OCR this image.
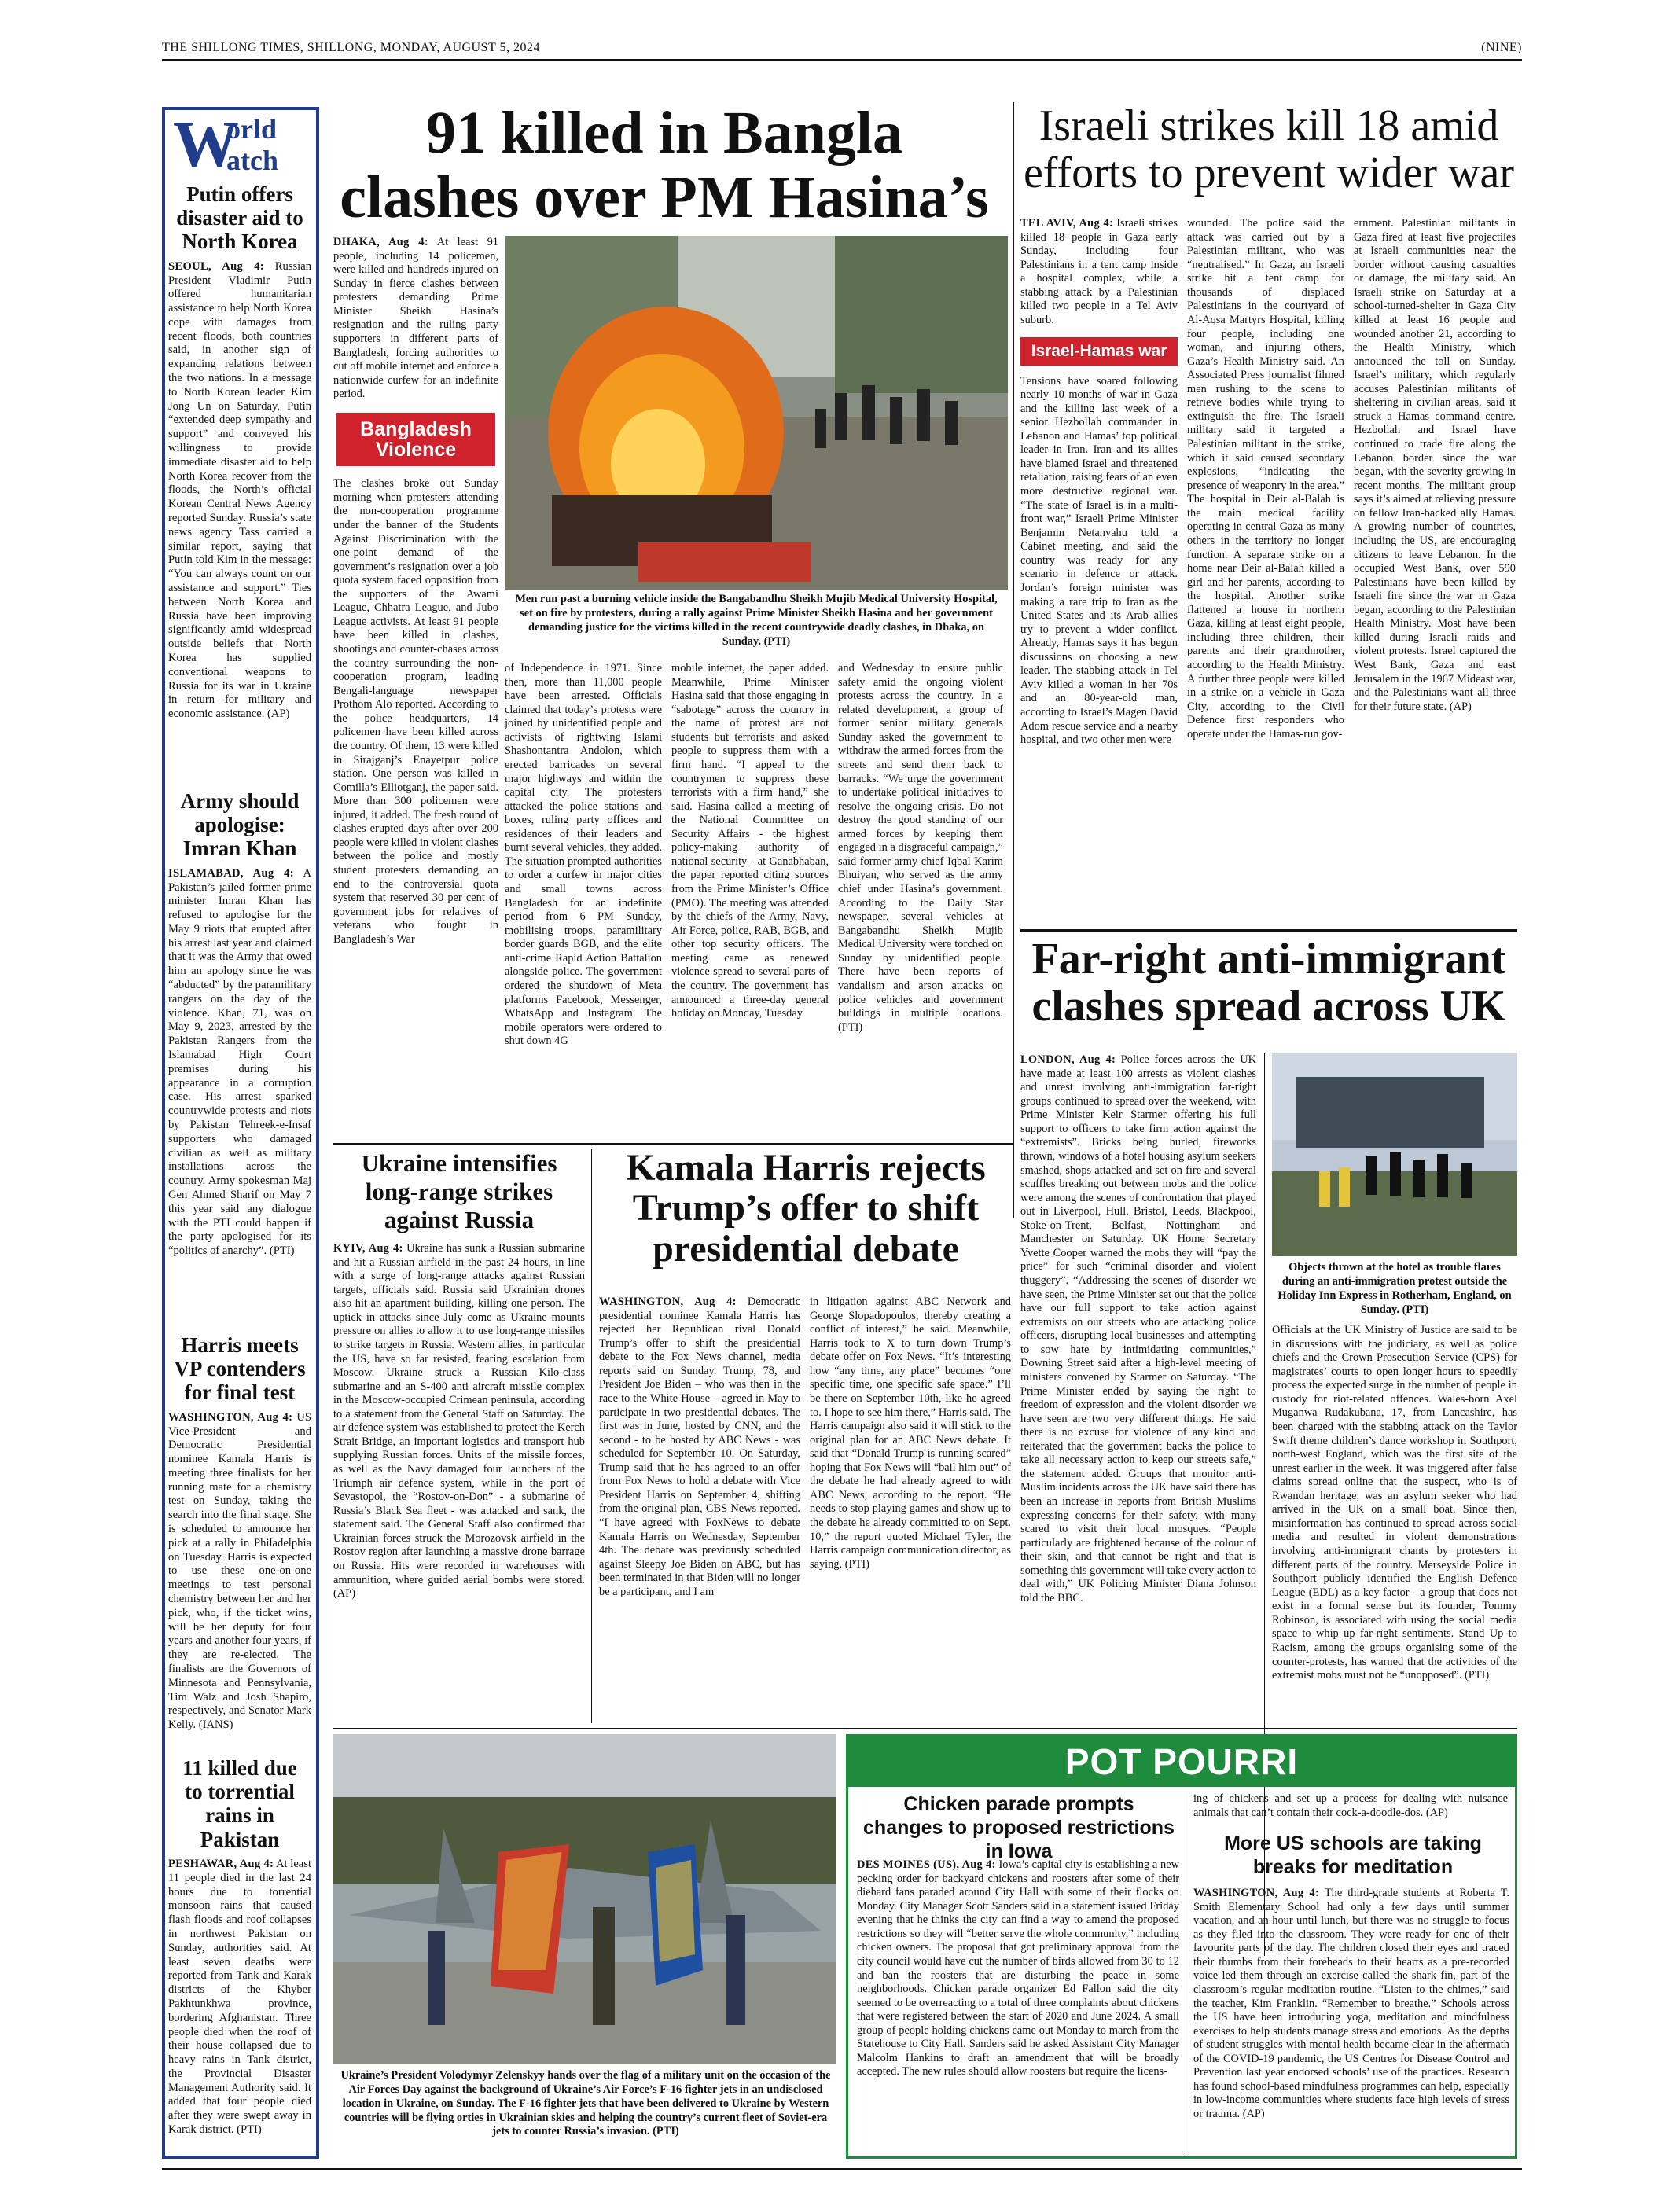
THE SHILLONG TIMES, SHILLONG, MONDAY, AUGUST 5, 2024	(NINE)
W
orld
atch
Putin offers disaster aid to North Korea
SEOUL, Aug 4: Russian President Vladimir Putin offered humanitarian assistance to help North Korea cope with damages from recent floods, both countries said, in another sign of expanding relations between the two nations. In a message to North Korean leader Kim Jong Un on Saturday, Putin “extended deep sympathy and support” and conveyed his willingness to provide immediate disaster aid to help North Korea recover from the floods, the North’s official Korean Central News Agency reported Sunday. Russia’s state news agency Tass carried a similar report, saying that Putin told Kim in the message: “You can always count on our assistance and support.” Ties between North Korea and Russia have been improving significantly amid widespread outside beliefs that North Korea has supplied conventional weapons to Russia for its war in Ukraine in return for military and economic assistance. (AP)
Army should apologise: Imran Khan
ISLAMABAD, Aug 4: A Pakistan’s jailed former prime minister Imran Khan has refused to apologise for the May 9 riots that erupted after his arrest last year and claimed that it was the Army that owed him an apology since he was “abducted” by the paramilitary rangers on the day of the violence. Khan, 71, was on May 9, 2023, arrested by the Pakistan Rangers from the Islamabad High Court premises during his appearance in a corruption case. His arrest sparked countrywide protests and riots by Pakistan Tehreek-e-Insaf supporters who damaged civilian as well as military installations across the country. Army spokesman Maj Gen Ahmed Sharif on May 7 this year said any dialogue with the PTI could happen if the party apologised for its “politics of anarchy”. (PTI)
Harris meets VP contenders for final test
WASHINGTON, Aug 4: US Vice-President and Democratic Presidential nominee Kamala Harris is meeting three finalists for her running mate for a chemistry test on Sunday, taking the search into the final stage. She is scheduled to announce her pick at a rally in Philadelphia on Tuesday. Harris is expected to use these one-on-one meetings to test personal chemistry between her and her pick, who, if the ticket wins, will be her deputy for four years and another four years, if they are re-elected. The finalists are the Governors of Minnesota and Pennsylvania, Tim Walz and Josh Shapiro, respectively, and Senator Mark Kelly. (IANS)
11 killed due to torrential rains in Pakistan
PESHAWAR, Aug 4: At least 11 people died in the last 24 hours due to torrential monsoon rains that caused flash floods and roof collapses in northwest Pakistan on Sunday, authorities said. At least seven deaths were reported from Tank and Karak districts of the Khyber Pakhtunkhwa province, bordering Afghanistan. Three people died when the roof of their house collapsed due to heavy rains in Tank district, the Provincial Disaster Management Authority said. It added that four people died after they were swept away in Karak district. (PTI)
91 killed in Bangla clashes over PM Hasina’s
DHAKA, Aug 4: At least 91 people, including 14 policemen, were killed and hundreds injured on Sunday in fierce clashes between protesters demanding Prime Minister Sheikh Hasina’s resignation and the ruling party supporters in different parts of Bangladesh, forcing authorities to cut off mobile internet and enforce a nationwide curfew for an indefinite period.
Bangladesh Violence
The clashes broke out Sunday morning when protesters attending the non-cooperation programme under the banner of the Students Against Discrimination with the one-point demand of the government’s resignation over a job quota system faced opposition from the supporters of the Awami League, Chhatra League, and Jubo League activists. At least 91 people have been killed in clashes, shootings and counter-chases across the country surrounding the non-cooperation program, leading Bengali-language newspaper Prothom Alo reported. According to the police headquarters, 14 policemen have been killed across the country. Of them, 13 were killed in Sirajganj’s Enayetpur police station. One person was killed in Comilla’s Elliotganj, the paper said. More than 300 policemen were injured, it added. The fresh round of clashes erupted days after over 200 people were killed in violent clashes between the police and mostly student protesters demanding an end to the controversial quota system that reserved 30 per cent of government jobs for relatives of veterans who fought in Bangladesh’s War
Men run past a burning vehicle inside the Bangabandhu Sheikh Mujib Medical University Hospital, set on fire by protesters, during a rally against Prime Minister Sheikh Hasina and her government demanding justice for the victims killed in the recent countrywide deadly clashes, in Dhaka, on Sunday. (PTI)
of Independence in 1971. Since then, more than 11,000 people have been arrested. Officials claimed that today’s protests were joined by unidentified people and activists of rightwing Islami Shashontantra Andolon, which erected barricades on several major highways and within the capital city. The protesters attacked the police stations and boxes, ruling party offices and residences of their leaders and burnt several vehicles, they added. The situation prompted authorities to order a curfew in major cities and small towns across Bangladesh for an indefinite period from 6 PM Sunday, mobilising troops, paramilitary border guards BGB, and the elite anti-crime Rapid Action Battalion alongside police. The government ordered the shutdown of Meta platforms Facebook, Messenger, WhatsApp and Instagram. The mobile operators were ordered to shut down 4G
mobile internet, the paper added. Meanwhile, Prime Minister Hasina said that those engaging in “sabotage” across the country in the name of protest are not students but terrorists and asked people to suppress them with a firm hand. “I appeal to the countrymen to suppress these terrorists with a firm hand,” she said. Hasina called a meeting of the National Committee on Security Affairs - the highest policy-making authority of national security - at Ganabhaban, the paper reported citing sources from the Prime Minister’s Office (PMO). The meeting was attended by the chiefs of the Army, Navy, Air Force, police, RAB, BGB, and other top security officers. The meeting came as renewed violence spread to several parts of the country. The government has announced a three-day general holiday on Monday, Tuesday
and Wednesday to ensure public safety amid the ongoing violent protests across the country. In a related development, a group of former senior military generals Sunday asked the government to withdraw the armed forces from the streets and send them back to barracks. “We urge the government to undertake political initiatives to resolve the ongoing crisis. Do not destroy the good standing of our armed forces by keeping them engaged in a disgraceful campaign,” said former army chief Iqbal Karim Bhuiyan, who served as the army chief under Hasina’s government. According to the Daily Star newspaper, several vehicles at Bangabandhu Sheikh Mujib Medical University were torched on Sunday by unidentified people. There have been reports of vandalism and arson attacks on police vehicles and government buildings in multiple locations. (PTI)
Israeli strikes kill 18 amid efforts to prevent wider war
TEL AVIV, Aug 4: Israeli strikes killed 18 people in Gaza early Sunday, including four Palestinians in a tent camp inside a hospital complex, while a stabbing attack by a Palestinian killed two people in a Tel Aviv suburb.
Israel-Hamas war
Tensions have soared following nearly 10 months of war in Gaza and the killing last week of a senior Hezbollah commander in Lebanon and Hamas’ top political leader in Iran. Iran and its allies have blamed Israel and threatened retaliation, raising fears of an even more destructive regional war. “The state of Israel is in a multi-front war,” Israeli Prime Minister Benjamin Netanyahu told a Cabinet meeting, and said the country was ready for any scenario in defence or attack. Jordan’s foreign minister was making a rare trip to Iran as the United States and its Arab allies try to prevent a wider conflict. Already, Hamas says it has begun discussions on choosing a new leader. The stabbing attack in Tel Aviv killed a woman in her 70s and an 80-year-old man, according to Israel’s Magen David Adom rescue service and a nearby hospital, and two other men were
wounded. The police said the attack was carried out by a Palestinian militant, who was “neutralised.” In Gaza, an Israeli strike hit a tent camp for thousands of displaced Palestinians in the courtyard of Al-Aqsa Martyrs Hospital, killing four people, including one woman, and injuring others, Gaza’s Health Ministry said. An Associated Press journalist filmed men rushing to the scene to retrieve bodies while trying to extinguish the fire. The Israeli military said it targeted a Palestinian militant in the strike, which it said caused secondary explosions, “indicating the presence of weaponry in the area.” The hospital in Deir al-Balah is the main medical facility operating in central Gaza as many others in the territory no longer function. A separate strike on a home near Deir al-Balah killed a girl and her parents, according to the hospital. Another strike flattened a house in northern Gaza, killing at least eight people, including three children, their parents and their grandmother, according to the Health Ministry. A further three people were killed in a strike on a vehicle in Gaza City, according to the Civil Defence first responders who operate under the Hamas-run gov-
ernment. Palestinian militants in Gaza fired at least five projectiles at Israeli communities near the border without causing casualties or damage, the military said. An Israeli strike on Saturday at a school-turned-shelter in Gaza City killed at least 16 people and wounded another 21, according to the Health Ministry, which announced the toll on Sunday. Israel’s military, which regularly accuses Palestinian militants of sheltering in civilian areas, said it struck a Hamas command centre. Hezbollah and Israel have continued to trade fire along the Lebanon border since the war began, with the severity growing in recent months. The militant group says it’s aimed at relieving pressure on fellow Iran-backed ally Hamas. A growing number of countries, including the US, are encouraging citizens to leave Lebanon. In the occupied West Bank, over 590 Palestinians have been killed by Israeli fire since the war in Gaza began, according to the Palestinian Health Ministry. Most have been killed during Israeli raids and violent protests. Israel captured the West Bank, Gaza and east Jerusalem in the 1967 Mideast war, and the Palestinians want all three for their future state. (AP)
Far-right anti-immigrant clashes spread across UK
LONDON, Aug 4: Police forces across the UK have made at least 100 arrests as violent clashes and unrest involving anti-immigration far-right groups continued to spread over the weekend, with Prime Minister Keir Starmer offering his full support to officers to take firm action against the “extremists”. Bricks being hurled, fireworks thrown, windows of a hotel housing asylum seekers smashed, shops attacked and set on fire and several scuffles breaking out between mobs and the police were among the scenes of confrontation that played out in Liverpool, Hull, Bristol, Leeds, Blackpool, Stoke-on-Trent, Belfast, Nottingham and Manchester on Saturday. UK Home Secretary Yvette Cooper warned the mobs they will “pay the price” for such “criminal disorder and violent thuggery”. “Addressing the scenes of disorder we have seen, the Prime Minister set out that the police have our full support to take action against extremists on our streets who are attacking police officers, disrupting local businesses and attempting to sow hate by intimidating communities,” Downing Street said after a high-level meeting of ministers convened by Starmer on Saturday. “The Prime Minister ended by saying the right to freedom of expression and the violent disorder we have seen are two very different things. He said there is no excuse for violence of any kind and reiterated that the government backs the police to take all necessary action to keep our streets safe,” the statement added. Groups that monitor anti-Muslim incidents across the UK have said there has been an increase in reports from British Muslims expressing concerns for their safety, with many scared to visit their local mosques. “People particularly are frightened because of the colour of their skin, and that cannot be right and that is something this government will take every action to deal with,” UK Policing Minister Diana Johnson told the BBC.
Objects thrown at the hotel as trouble flares during an anti-immigration protest outside the Holiday Inn Express in Rotherham, England, on Sunday. (PTI)
Officials at the UK Ministry of Justice are said to be in discussions with the judiciary, as well as police chiefs and the Crown Prosecution Service (CPS) for magistrates’ courts to open longer hours to speedily process the expected surge in the number of people in custody for riot-related offences. Wales-born Axel Muganwa Rudakubana, 17, from Lancashire, has been charged with the stabbing attack on the Taylor Swift theme children’s dance workshop in Southport, north-west England, which was the first site of the unrest earlier in the week. It was triggered after false claims spread online that the suspect, who is of Rwandan heritage, was an asylum seeker who had arrived in the UK on a small boat. Since then, misinformation has continued to spread across social media and resulted in violent demonstrations involving anti-immigrant chants by protesters in different parts of the country. Merseyside Police in Southport publicly identified the English Defence League (EDL) as a key factor - a group that does not exist in a formal sense but its founder, Tommy Robinson, is associated with using the social media space to whip up far-right sentiments. Stand Up to Racism, among the groups organising some of the counter-protests, has warned that the activities of the extremist mobs must not be “unopposed”. (PTI)
Ukraine intensifies long-range strikes against Russia
KYIV, Aug 4: Ukraine has sunk a Russian submarine and hit a Russian airfield in the past 24 hours, in line with a surge of long-range attacks against Russian targets, officials said. Russia said Ukrainian drones also hit an apartment building, killing one person. The uptick in attacks since July come as Ukraine mounts pressure on allies to allow it to use long-range missiles to strike targets in Russia. Western allies, in particular the US, have so far resisted, fearing escalation from Moscow. Ukraine struck a Russian Kilo-class submarine and an S-400 anti aircraft missile complex in the Moscow-occupied Crimean peninsula, according to a statement from the General Staff on Saturday. The air defence system was established to protect the Kerch Strait Bridge, an important logistics and transport hub supplying Russian forces. Units of the missile forces, as well as the Navy damaged four launchers of the Triumph air defence system, while in the port of Sevastopol, the “Rostov-on-Don” - a submarine of Russia’s Black Sea fleet - was attacked and sank, the statement said. The General Staff also confirmed that Ukrainian forces struck the Morozovsk airfield in the Rostov region after launching a massive drone barrage on Russia. Hits were recorded in warehouses with ammunition, where guided aerial bombs were stored. (AP)
Kamala Harris rejects Trump’s offer to shift presidential debate
WASHINGTON, Aug 4: Democratic presidential nominee Kamala Harris has rejected her Republican rival Donald Trump’s offer to shift the presidential debate to the Fox News channel, media reports said on Sunday. Trump, 78, and President Joe Biden – who was then in the race to the White House – agreed in May to participate in two presidential debates. The first was in June, hosted by CNN, and the second - to be hosted by ABC News - was scheduled for September 10. On Saturday, Trump said that he has agreed to an offer from Fox News to hold a debate with Vice President Harris on September 4, shifting from the original plan, CBS News reported. “I have agreed with FoxNews to debate Kamala Harris on Wednesday, September 4th. The debate was previously scheduled against Sleepy Joe Biden on ABC, but has been terminated in that Biden will no longer be a participant, and I am
in litigation against ABC Network and George Slopadopoulos, thereby creating a conflict of interest,” he said. Meanwhile, Harris took to X to turn down Trump’s debate offer on Fox News. “It’s interesting how “any time, any place” becomes “one specific time, one specific safe space.” I’ll be there on September 10th, like he agreed to. I hope to see him there,” Harris said. The Harris campaign also said it will stick to the original plan for an ABC News debate. It said that “Donald Trump is running scared” hoping that Fox News will “bail him out” of the debate he had already agreed to with ABC News, according to the report. “He needs to stop playing games and show up to the debate he already committed to on Sept. 10,” the report quoted Michael Tyler, the Harris campaign communication director, as saying. (PTI)
Ukraine’s President Volodymyr Zelenskyy hands over the flag of a military unit on the occasion of the Air Forces Day against the background of Ukraine’s Air Force’s F-16 fighter jets in an undisclosed location in Ukraine, on Sunday. The F-16 fighter jets that have been delivered to Ukraine by Western countries will be flying orties in Ukrainian skies and helping the country’s current fleet of Soviet-era jets to counter Russia’s invasion. (PTI)
POT POURRI
Chicken parade prompts changes to proposed restrictions in Iowa
DES MOINES (US), Aug 4: Iowa’s capital city is establishing a new pecking order for backyard chickens and roosters after some of their diehard fans paraded around City Hall with some of their flocks on Monday. City Manager Scott Sanders said in a statement issued Friday evening that he thinks the city can find a way to amend the proposed restrictions so they will “better serve the whole community,” including chicken owners. The proposal that got preliminary approval from the city council would have cut the number of birds allowed from 30 to 12 and ban the roosters that are disturbing the peace in some neighborhoods. Chicken parade organizer Ed Fallon said the city seemed to be overreacting to a total of three complaints about chickens that were registered between the start of 2020 and June 2024. A small group of people holding chickens came out Monday to march from the Statehouse to City Hall. Sanders said he asked Assistant City Manager Malcolm Hankins to draft an amendment that will be broadly accepted. The new rules should allow roosters but require the licens-
ing of chickens and set up a process for dealing with nuisance animals that can’t contain their cock-a-doodle-dos. (AP)
More US schools are taking breaks for meditation
WASHINGTON, Aug 4: The third-grade students at Roberta T. Smith Elementary School had only a few days until summer vacation, and an hour until lunch, but there was no struggle to focus as they filed into the classroom. They were ready for one of their favourite parts of the day. The children closed their eyes and traced their thumbs from their foreheads to their hearts as a pre-recorded voice led them through an exercise called the shark fin, part of the classroom’s regular meditation routine. “Listen to the chimes,” said the teacher, Kim Franklin. “Remember to breathe.” Schools across the US have been introducing yoga, meditation and mindfulness exercises to help students manage stress and emotions. As the depths of student struggles with mental health became clear in the aftermath of the COVID-19 pandemic, the US Centres for Disease Control and Prevention last year endorsed schools’ use of the practices. Research has found school-based mindfulness programmes can help, especially in low-income communities where students face high levels of stress or trauma. (AP)
